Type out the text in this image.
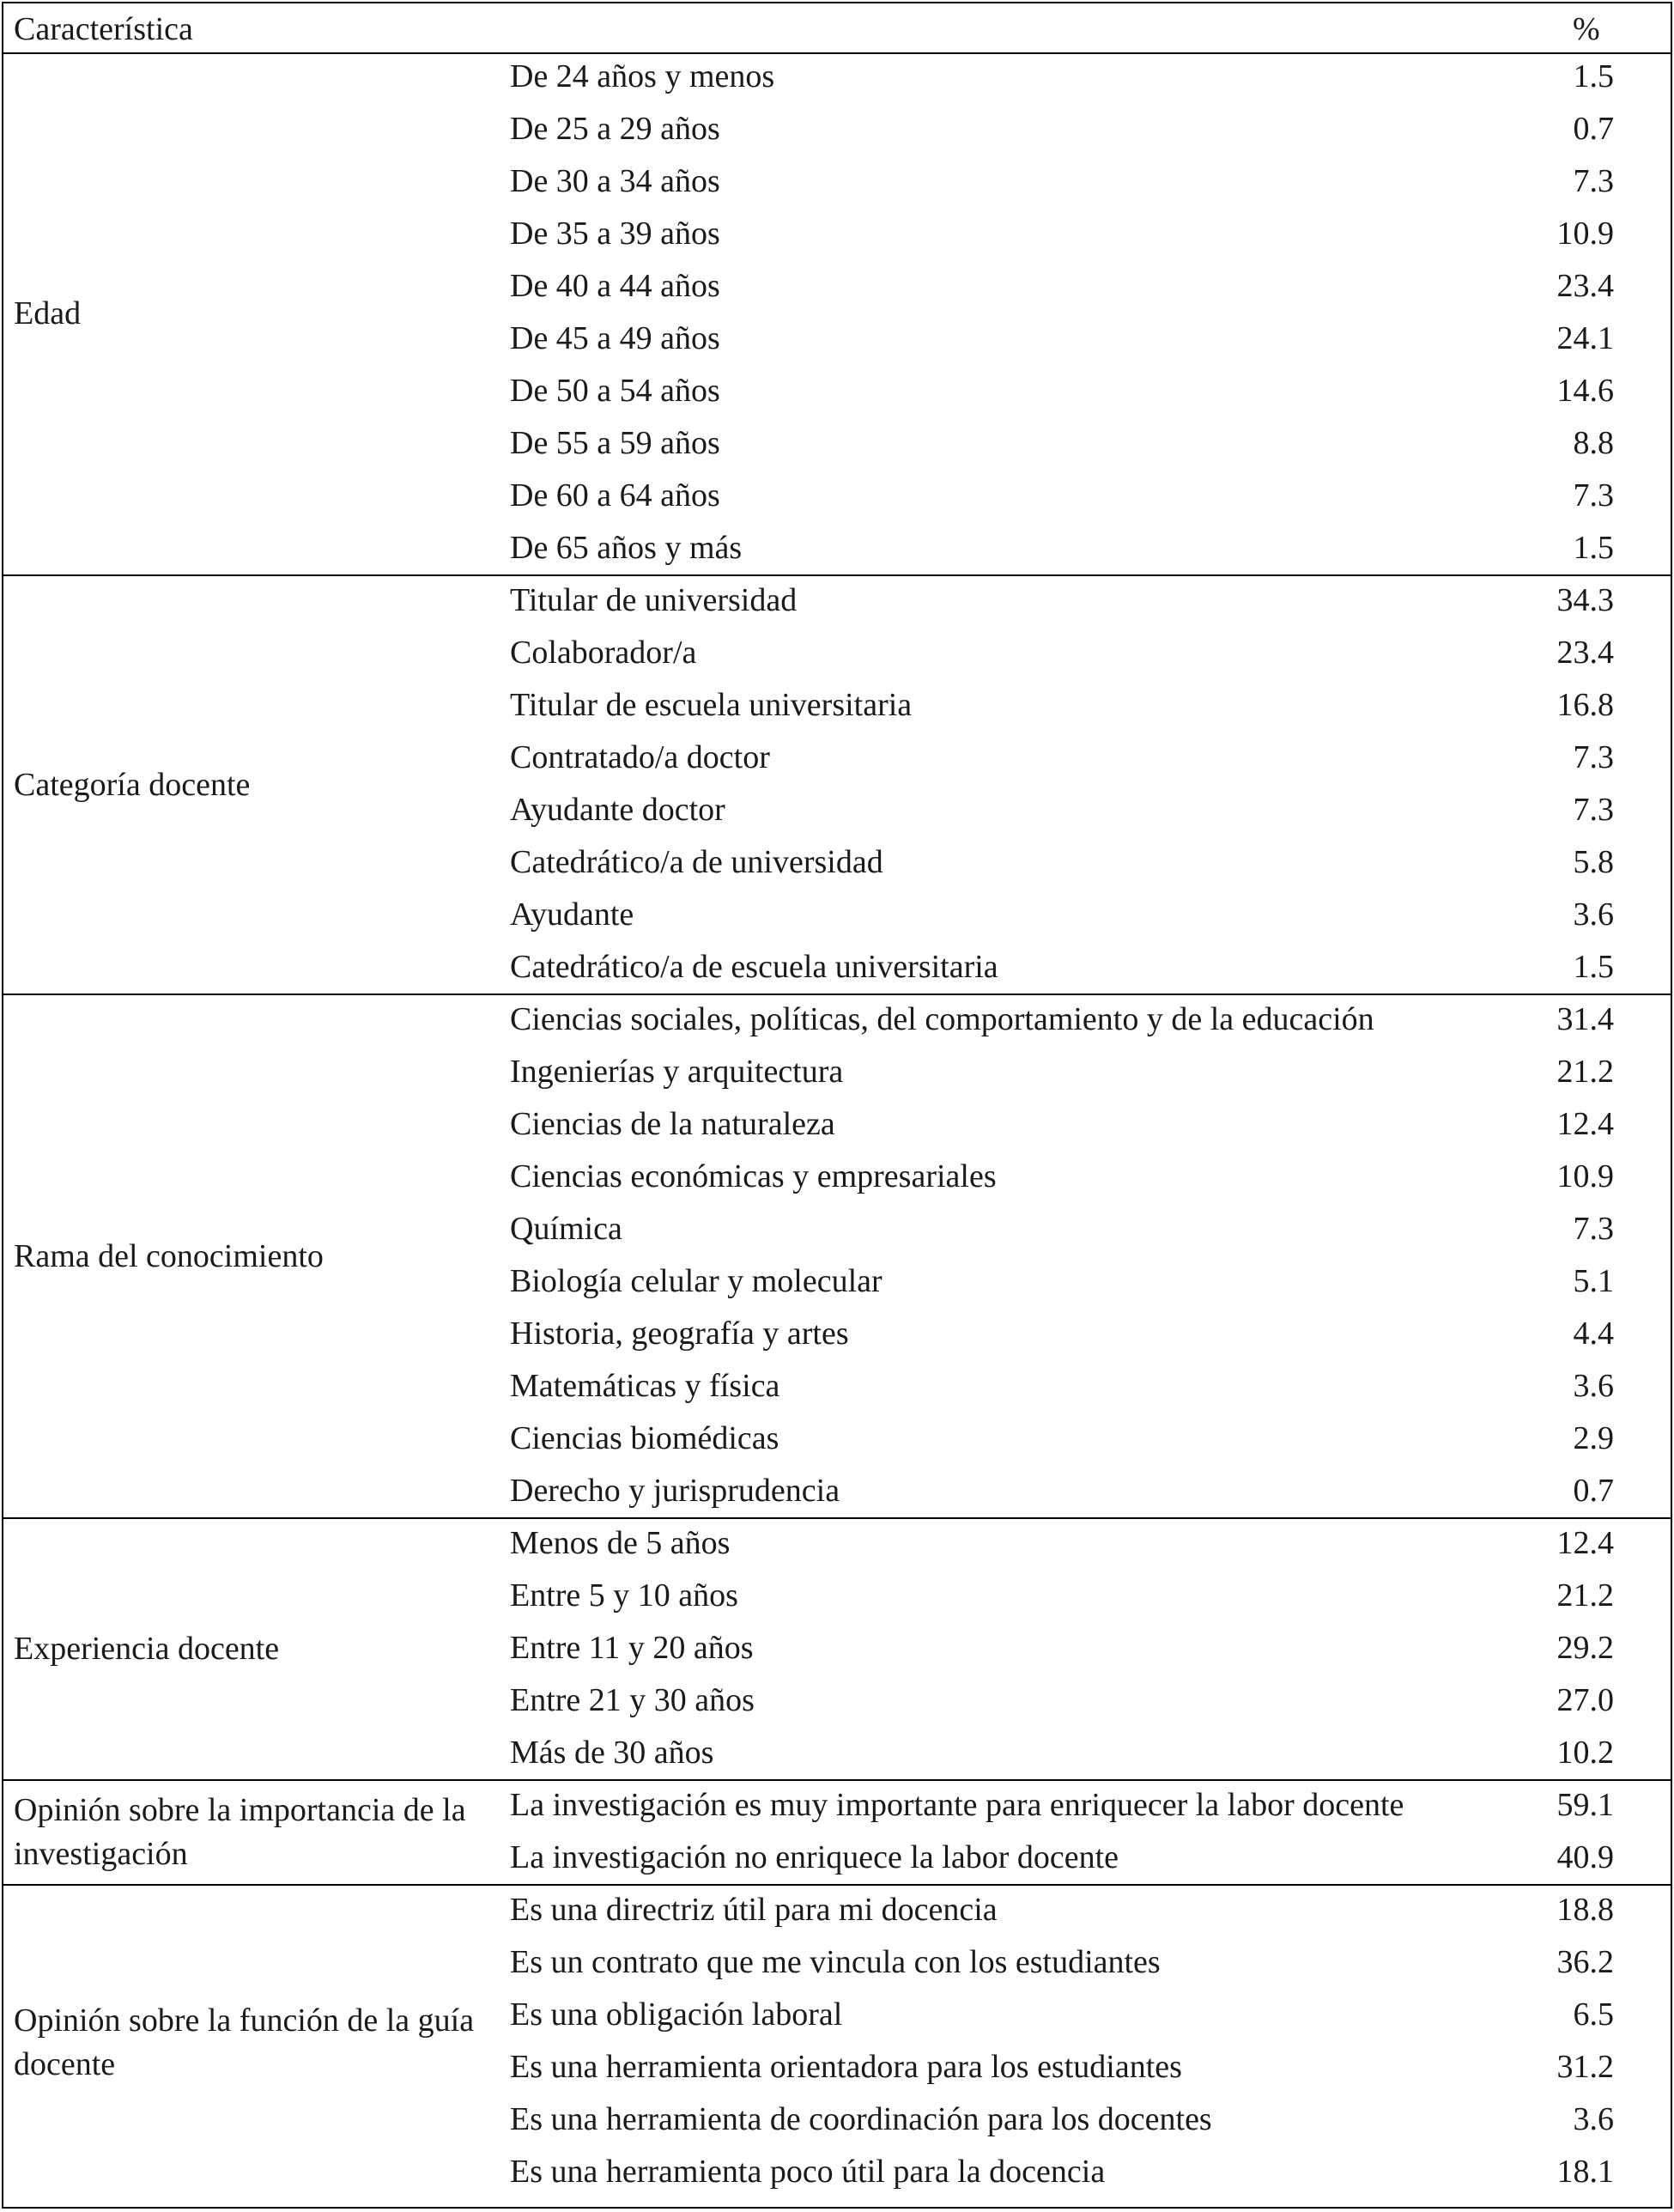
Característica	%
Edad
De 24 años y menos	1.5
De 25 a 29 años	0.7
De 30 a 34 años	7.3
De 35 a 39 años	10.9
De 40 a 44 años	23.4
De 45 a 49 años	24.1
De 50 a 54 años	14.6
De 55 a 59 años	8.8
De 60 a 64 años	7.3
De 65 años y más	1.5
Categoría docente
Titular de universidad	34.3
Colaborador/a	23.4
Titular de escuela universitaria	16.8
Contratado/a doctor	7.3
Ayudante doctor	7.3
Catedrático/a de universidad	5.8
Ayudante	3.6
Catedrático/a de escuela universitaria	1.5
Rama del conocimiento
Ciencias sociales, políticas, del comportamiento y de la educación	31.4
Ingenierías y arquitectura	21.2
Ciencias de la naturaleza	12.4
Ciencias económicas y empresariales	10.9
Química	7.3
Biología celular y molecular	5.1
Historia, geografía y artes	4.4
Matemáticas y física	3.6
Ciencias biomédicas	2.9
Derecho y jurisprudencia	0.7
Experiencia docente
Menos de 5 años	12.4
Entre 5 y 10 años	21.2
Entre 11 y 20 años	29.2
Entre 21 y 30 años	27.0
Más de 30 años	10.2
Opinión sobre la importancia de la investigación
La investigación es muy importante para enriquecer la labor docente	59.1
La investigación no enriquece la labor docente	40.9
Opinión sobre la función de la guía docente
Es una directriz útil para mi docencia	18.8
Es un contrato que me vincula con los estudiantes	36.2
Es una obligación laboral	6.5
Es una herramienta orientadora para los estudiantes	31.2
Es una herramienta de coordinación para los docentes	3.6
Es una herramienta poco útil para la docencia	18.1
